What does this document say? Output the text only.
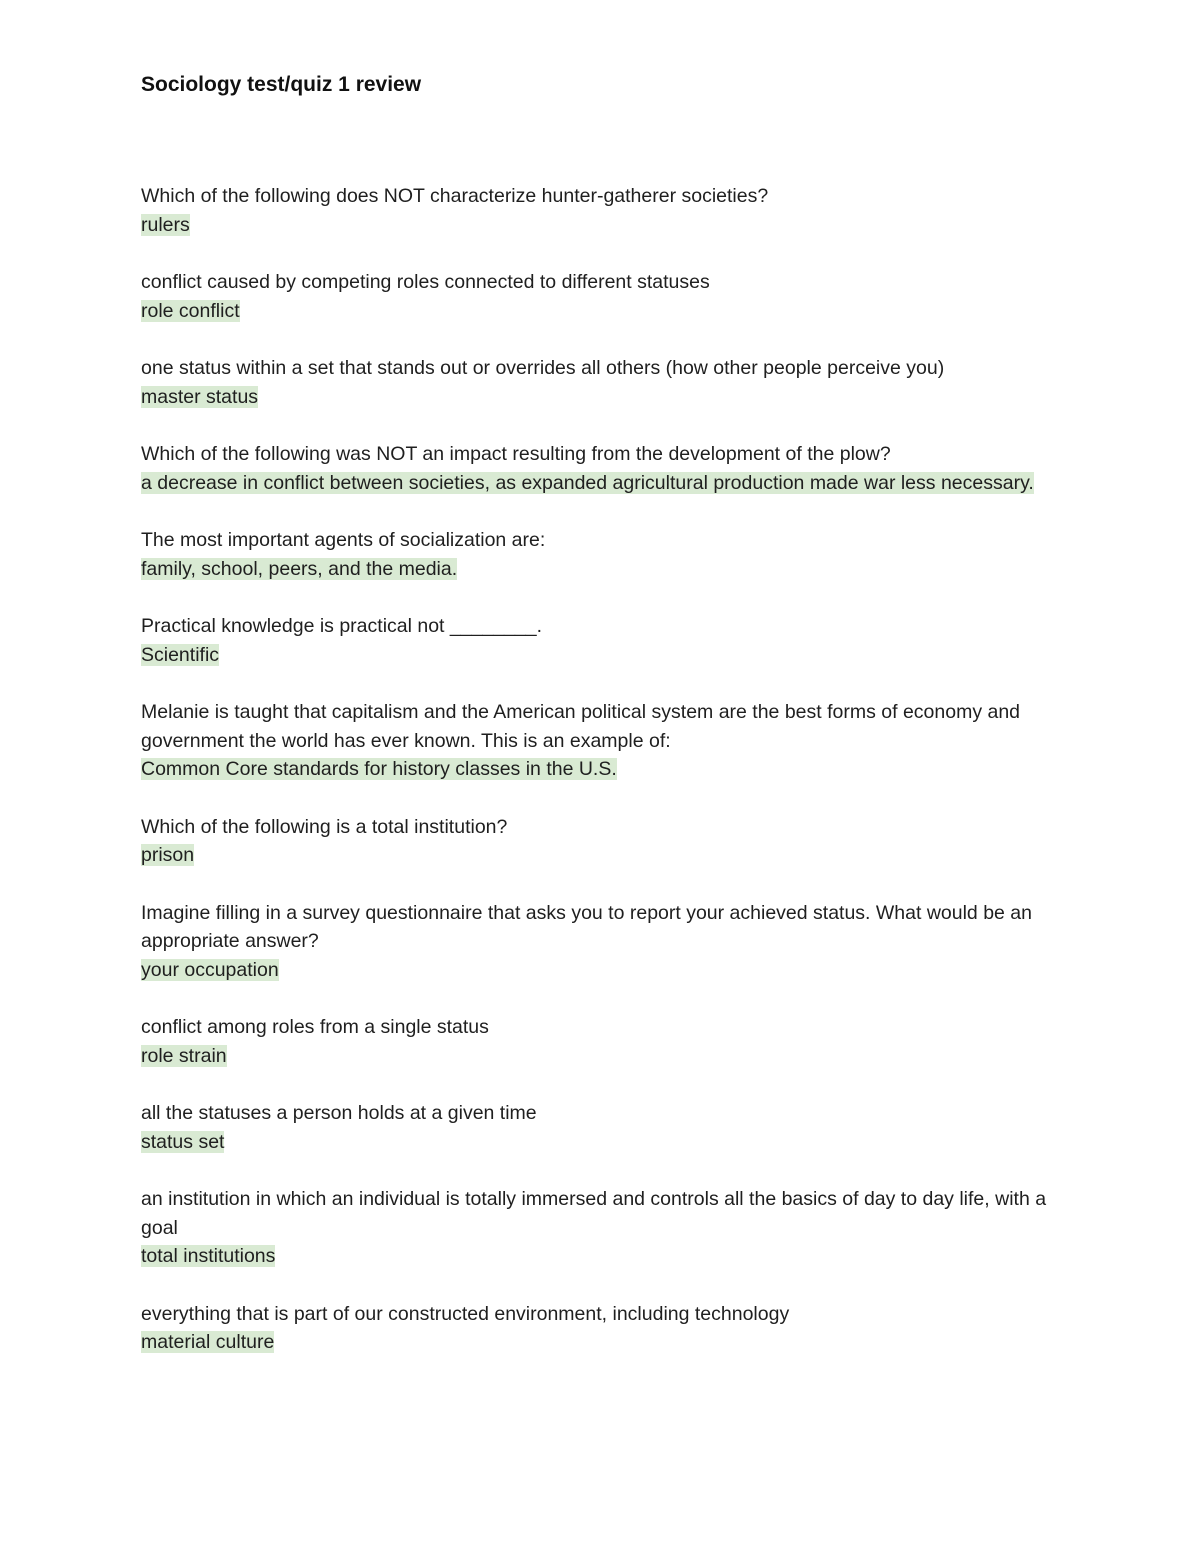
Sociology test/quiz 1 review
Which of the following does NOT characterize hunter-gatherer societies?
rulers
conflict caused by competing roles connected to different statuses
role conflict
one status within a set that stands out or overrides all others (how other people perceive you)
master status
Which of the following was NOT an impact resulting from the development of the plow?
a decrease in conflict between societies, as expanded agricultural production made war less necessary.
The most important agents of socialization are:
family, school, peers, and the media.
Practical knowledge is practical not ________.
Scientific
Melanie is taught that capitalism and the American political system are the best forms of economy and government the world has ever known. This is an example of:
Common Core standards for history classes in the U.S.
Which of the following is a total institution?
prison
Imagine filling in a survey questionnaire that asks you to report your achieved status. What would be an appropriate answer?
your occupation
conflict among roles from a single status
role strain
all the statuses a person holds at a given time
status set
an institution in which an individual is totally immersed and controls all the basics of day to day life, with a goal
total institutions
everything that is part of our constructed environment, including technology
material culture
